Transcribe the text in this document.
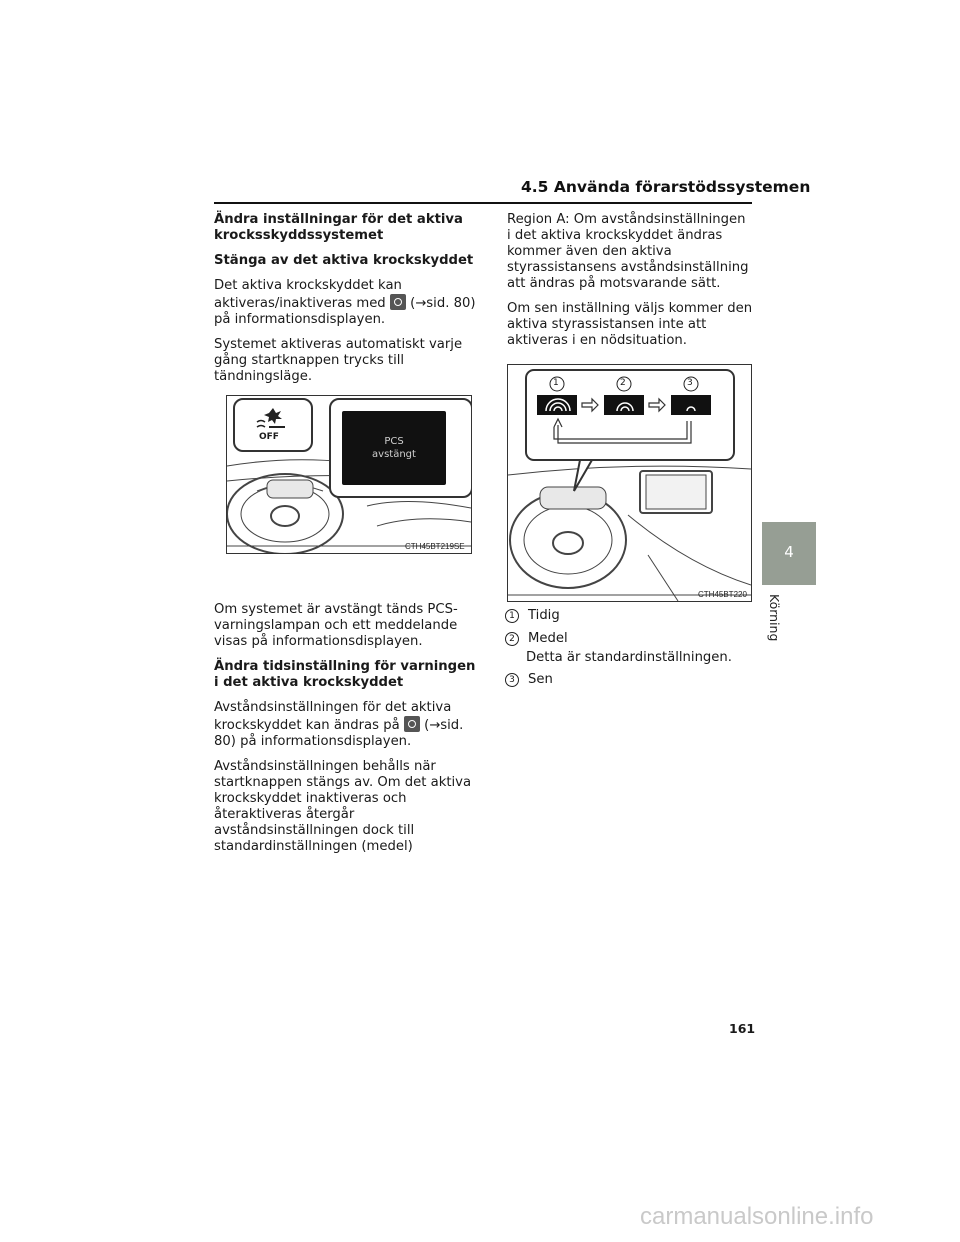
4.5 Använda förarstödssystemen
Ändra inställningar för det aktiva krocksskyddssystemet
Stänga av det aktiva krockskyddet

Det aktiva krockskyddet kan aktiveras/inaktiveras med (→sid. 80) på informationsdisplayen.

Systemet aktiveras automatiskt varje gång startknappen trycks till tändningsläge.

Om systemet är avstängt tänds PCS-varningslampan och ett meddelande visas på informationsdisplayen.

Ändra tidsinställning för varningen i det aktiva krockskyddet

Avståndsinställningen för det aktiva krockskyddet kan ändras på (→sid. 80) på informationsdisplayen.

Avståndsinställningen behålls när startknappen stängs av. Om det aktiva krockskyddet inaktiveras och återaktiveras återgår avståndsinställningen dock till standardinställningen (medel)

OFF	PCS
avstängt
CTH45BT219SE

Region A: Om avståndsinställningen i det aktiva krockskyddet ändras kommer även den aktiva styrassistansens avståndsinställning att ändras på motsvarande sätt.

Om sen inställning väljs kommer den aktiva styrassistansen inte att aktiveras i en nödsituation.

1	2	3
CTH45BT220
1 Tidig
2 Medel
Detta är standardinställningen.
3 Sen
4
Körning
161
carmanualsonline.info
